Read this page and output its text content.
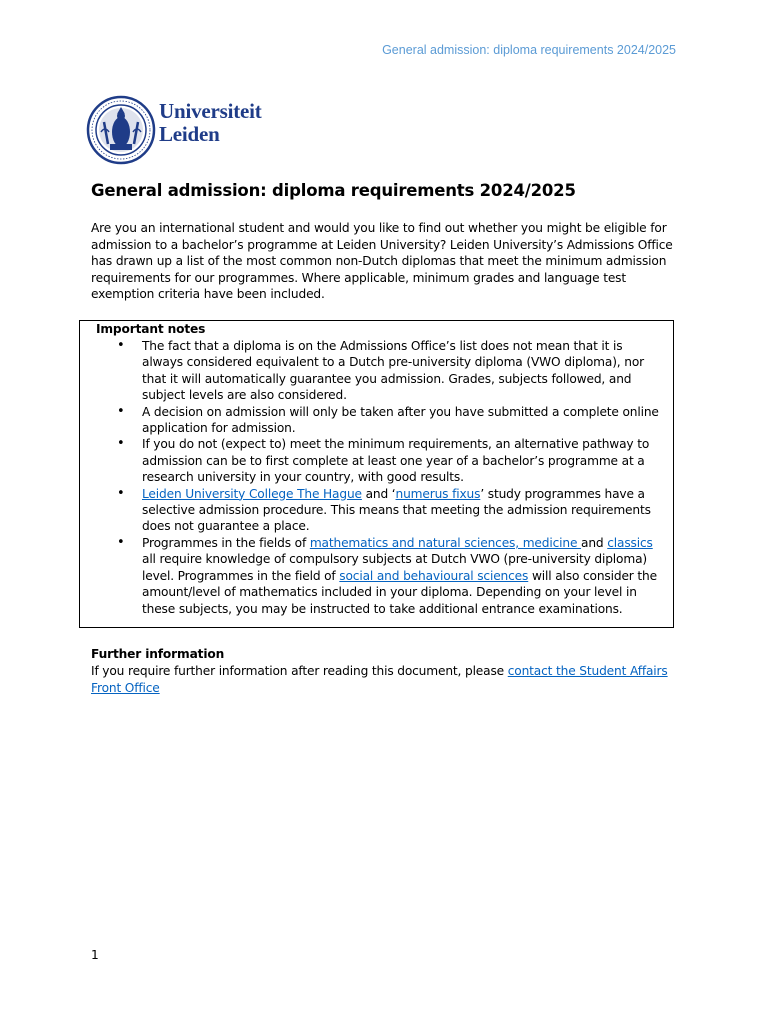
General admission: diploma requirements 2024/2025
Universiteit
Leiden
General admission: diploma requirements 2024/2025

Are you an international student and would you like to find out whether you might be eligible for admission to a bachelor’s programme at Leiden University? Leiden University’s Admissions Office has drawn up a list of the most common non-Dutch diplomas that meet the minimum admission requirements for our programmes. Where applicable, minimum grades and language test exemption criteria have been included.

Important notes
• The fact that a diploma is on the Admissions Office’s list does not mean that it is always considered equivalent to a Dutch pre-university diploma (VWO diploma), nor that it will automatically guarantee you admission. Grades, subjects followed, and subject levels are also considered.
• A decision on admission will only be taken after you have submitted a complete online application for admission.
• If you do not (expect to) meet the minimum requirements, an alternative pathway to admission can be to first complete at least one year of a bachelor’s programme at a research university in your country, with good results.
• Leiden University College The Hague and ‘numerus fixus’ study programmes have a selective admission procedure. This means that meeting the admission requirements does not guarantee a place.
• Programmes in the fields of mathematics and natural sciences, medicine and classics all require knowledge of compulsory subjects at Dutch VWO (pre-university diploma) level. Programmes in the field of social and behavioural sciences will also consider the amount/level of mathematics included in your diploma. Depending on your level in these subjects, you may be instructed to take additional entrance examinations.
Further information

If you require further information after reading this document, please contact the Student Affairs Front Office

1
